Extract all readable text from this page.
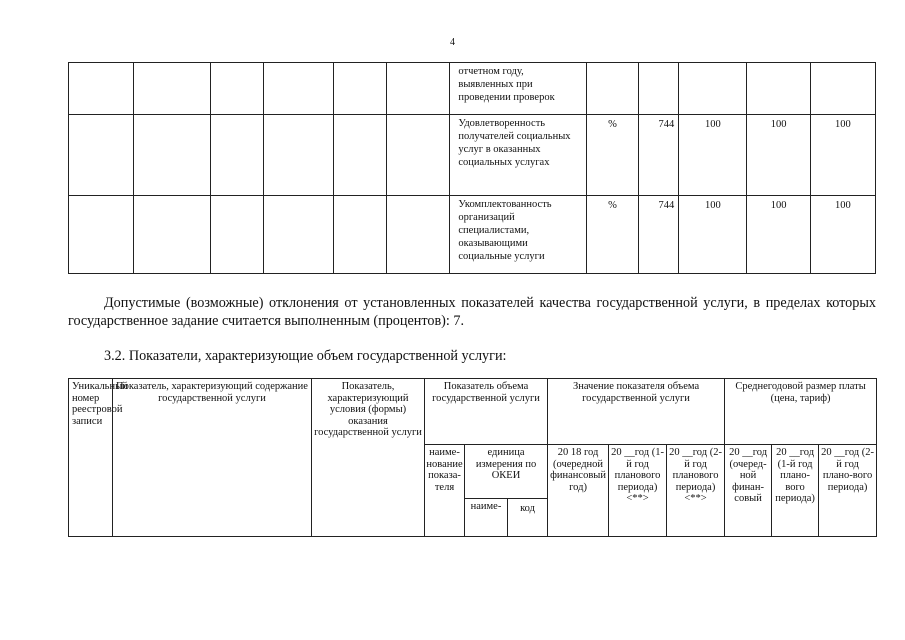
4
						отчетном году, выявленных при проведении проверок					
						Удовлетворенность получателей социальных услуг в оказанных социальных услугах	%	744	100	100	100
						Укомплектованность организаций специалистами, оказывающими социальные услуги	%	744	100	100	100
Допустимые (возможные) отклонения от установленных показателей качества государственной услуги, в пределах которых государственное задание считается выполненным (процентов): 7.
3.2. Показатели, характеризующие объем государственной услуги:
Уникальный номер реестровой записи	Показатель, характеризующий содержание государственной услуги	Показатель, характеризующий условия (формы) оказания государственной услуги	Показатель объема государственной услуги			Значение показателя объема государственной услуги			Среднегодовой размер платы (цена, тариф)		
			наиме-нование показа-теля	единица измерения по ОКЕИ		20 18 год (очередной финансовый год)	20 __год (1-й год планового периода) <**>	20 __год (2-й год планового периода) <**>	20 __год (очеред-ной финан-совый	20 __год (1-й год плано-вого периода)	20 __год (2-й год плано-вого периода)
				наиме-	код						
